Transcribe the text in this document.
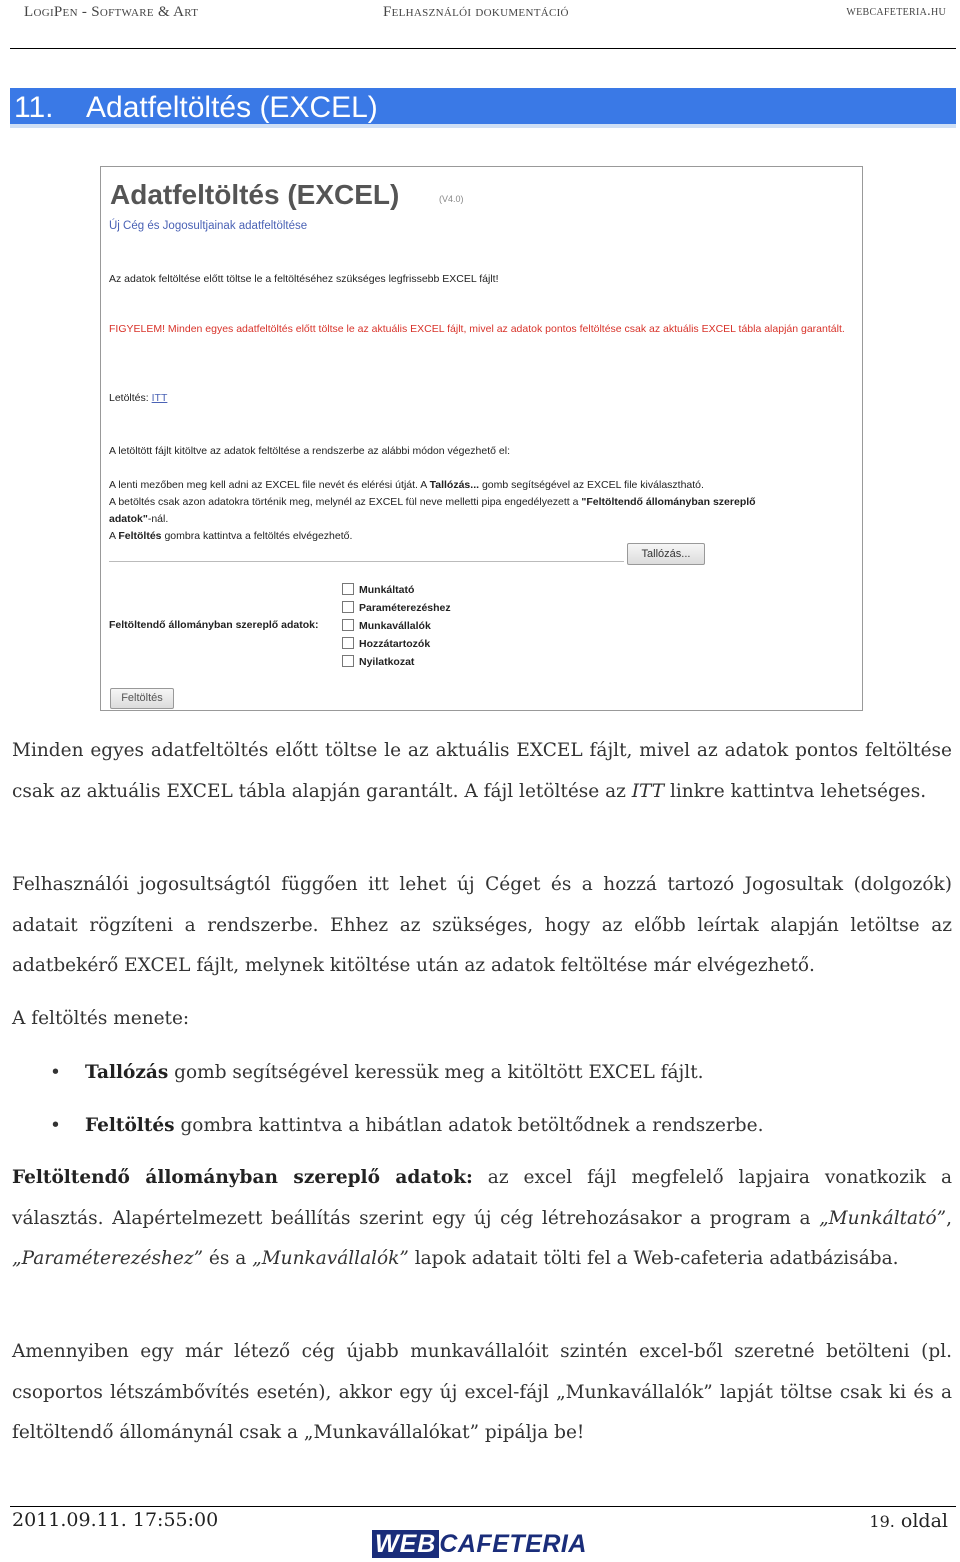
LogiPen - Software & Art	Felhasználói dokumentáció	webcafeteria.hu
11. Adatfeltöltés (EXCEL)
Adatfeltöltés (EXCEL)	(V4.0)
Új Cég és Jogosultjainak adatfeltöltése
Az adatok feltöltése előtt töltse le a feltöltéséhez szükséges legfrissebb EXCEL fájlt!
FIGYELEM! Minden egyes adatfeltöltés előtt töltse le az aktuális EXCEL fájlt, mivel az adatok pontos feltöltése csak az aktuális EXCEL tábla alapján garantált.
Letöltés: ITT
A letöltött fájlt kitöltve az adatok feltöltése a rendszerbe az alábbi módon végezhető el:
A lenti mezőben meg kell adni az EXCEL file nevét és elérési útját. A Tallózás... gomb segítségével az EXCEL file kiválasztható.
A betöltés csak azon adatokra történik meg, melynél az EXCEL fül neve melletti pipa engedélyezett a "Feltöltendő állományban szereplő
adatok"-nál.
A Feltöltés gombra kattintva a feltöltés elvégezhető.
Tallózás...
Feltöltendő állományban szereplő adatok:
Munkáltató
Paraméterezéshez
Munkavállalók
Hozzátartozók
Nyilatkozat
Feltöltés
Minden egyes adatfeltöltés előtt töltse le az aktuális EXCEL fájlt, mivel az adatok pontos feltöltése csak az aktuális EXCEL tábla alapján garantált. A fájl letöltése az ITT linkre kattintva lehetséges.
Felhasználói jogosultságtól függően itt lehet új Céget és a hozzá tartozó Jogosultak (dolgozók) adatait rögzíteni a rendszerbe. Ehhez az szükséges, hogy az előbb leírtak alapján letöltse az adatbekérő EXCEL fájlt, melynek kitöltése után az adatok feltöltése már elvégezhető.
A feltöltés menete:
• Tallózás gomb segítségével keressük meg a kitöltött EXCEL fájlt.
• Feltöltés gombra kattintva a hibátlan adatok betöltődnek a rendszerbe.
Feltöltendő állományban szereplő adatok: az excel fájl megfelelő lapjaira vonatkozik a választás. Alapértelmezett beállítás szerint egy új cég létrehozásakor a program a „Munkáltató”, „Paraméterezéshez” és a „Munkavállalók” lapok adatait tölti fel a Web-cafeteria adatbázisába.
Amennyiben egy már létező cég újabb munkavállalóit szintén excel-ből szeretné betölteni (pl. csoportos létszámbővítés esetén), akkor egy új excel-fájl „Munkavállalók” lapját töltse csak ki és a feltöltendő állománynál csak a „Munkavállalókat” pipálja be!
2011.09.11. 17:55:00	19. oldal
WEB CAFETERIA
